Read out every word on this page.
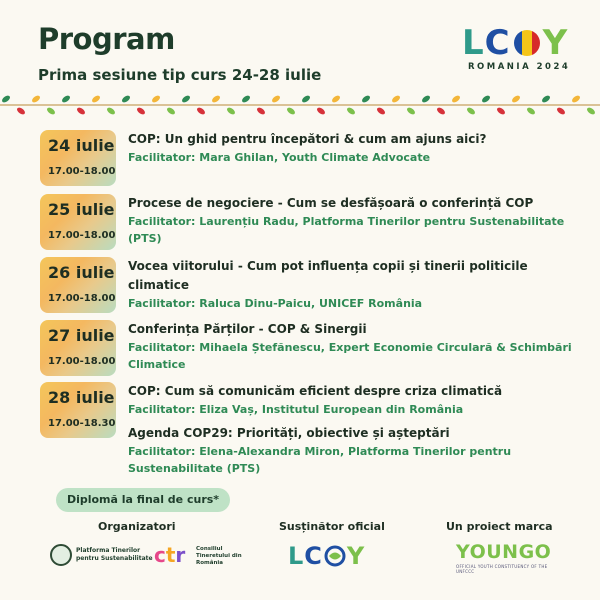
Program
Prima sesiune tip curs 24-28 iulie
L C Y
ROMANIA 2024
24 iulie
17.00-18.00
COP: Un ghid pentru începători & cum am ajuns aici?
Facilitator: Mara Ghilan, Youth Climate Advocate
25 iulie
17.00-18.00
Procese de negociere - Cum se desfășoară o conferință COP
Facilitator: Laurențiu Radu, Platforma Tinerilor pentru Sustenabilitate (PTS)
26 iulie
17.00-18.00
Vocea viitorului - Cum pot influența copii și tinerii politicile climatice
Facilitator: Raluca Dinu-Paicu, UNICEF România
27 iulie
17.00-18.00
Conferința Părților - COP & Sinergii
Facilitator: Mihaela Ștefănescu, Expert Economie Circulară & Schimbări Climatice
28 iulie
17.00-18.30
COP: Cum să comunicăm eficient despre criza climatică
Facilitator: Eliza Vaș, Institutul European din România
Agenda COP29: Priorități, obiective și așteptări
Facilitator: Elena-Alexandra Miron, Platforma Tinerilor pentru Sustenabilitate (PTS)
Diplomă la final de curs*
Organizatori	Susținător oficial	Un proiect marca
Platforma Tinerilor pentru Sustenabilitate ctr Consiliul Tineretului din România	L C Y	YOUNGO
OFFICIAL YOUTH CONSTITUENCY OF THE UNFCCC
